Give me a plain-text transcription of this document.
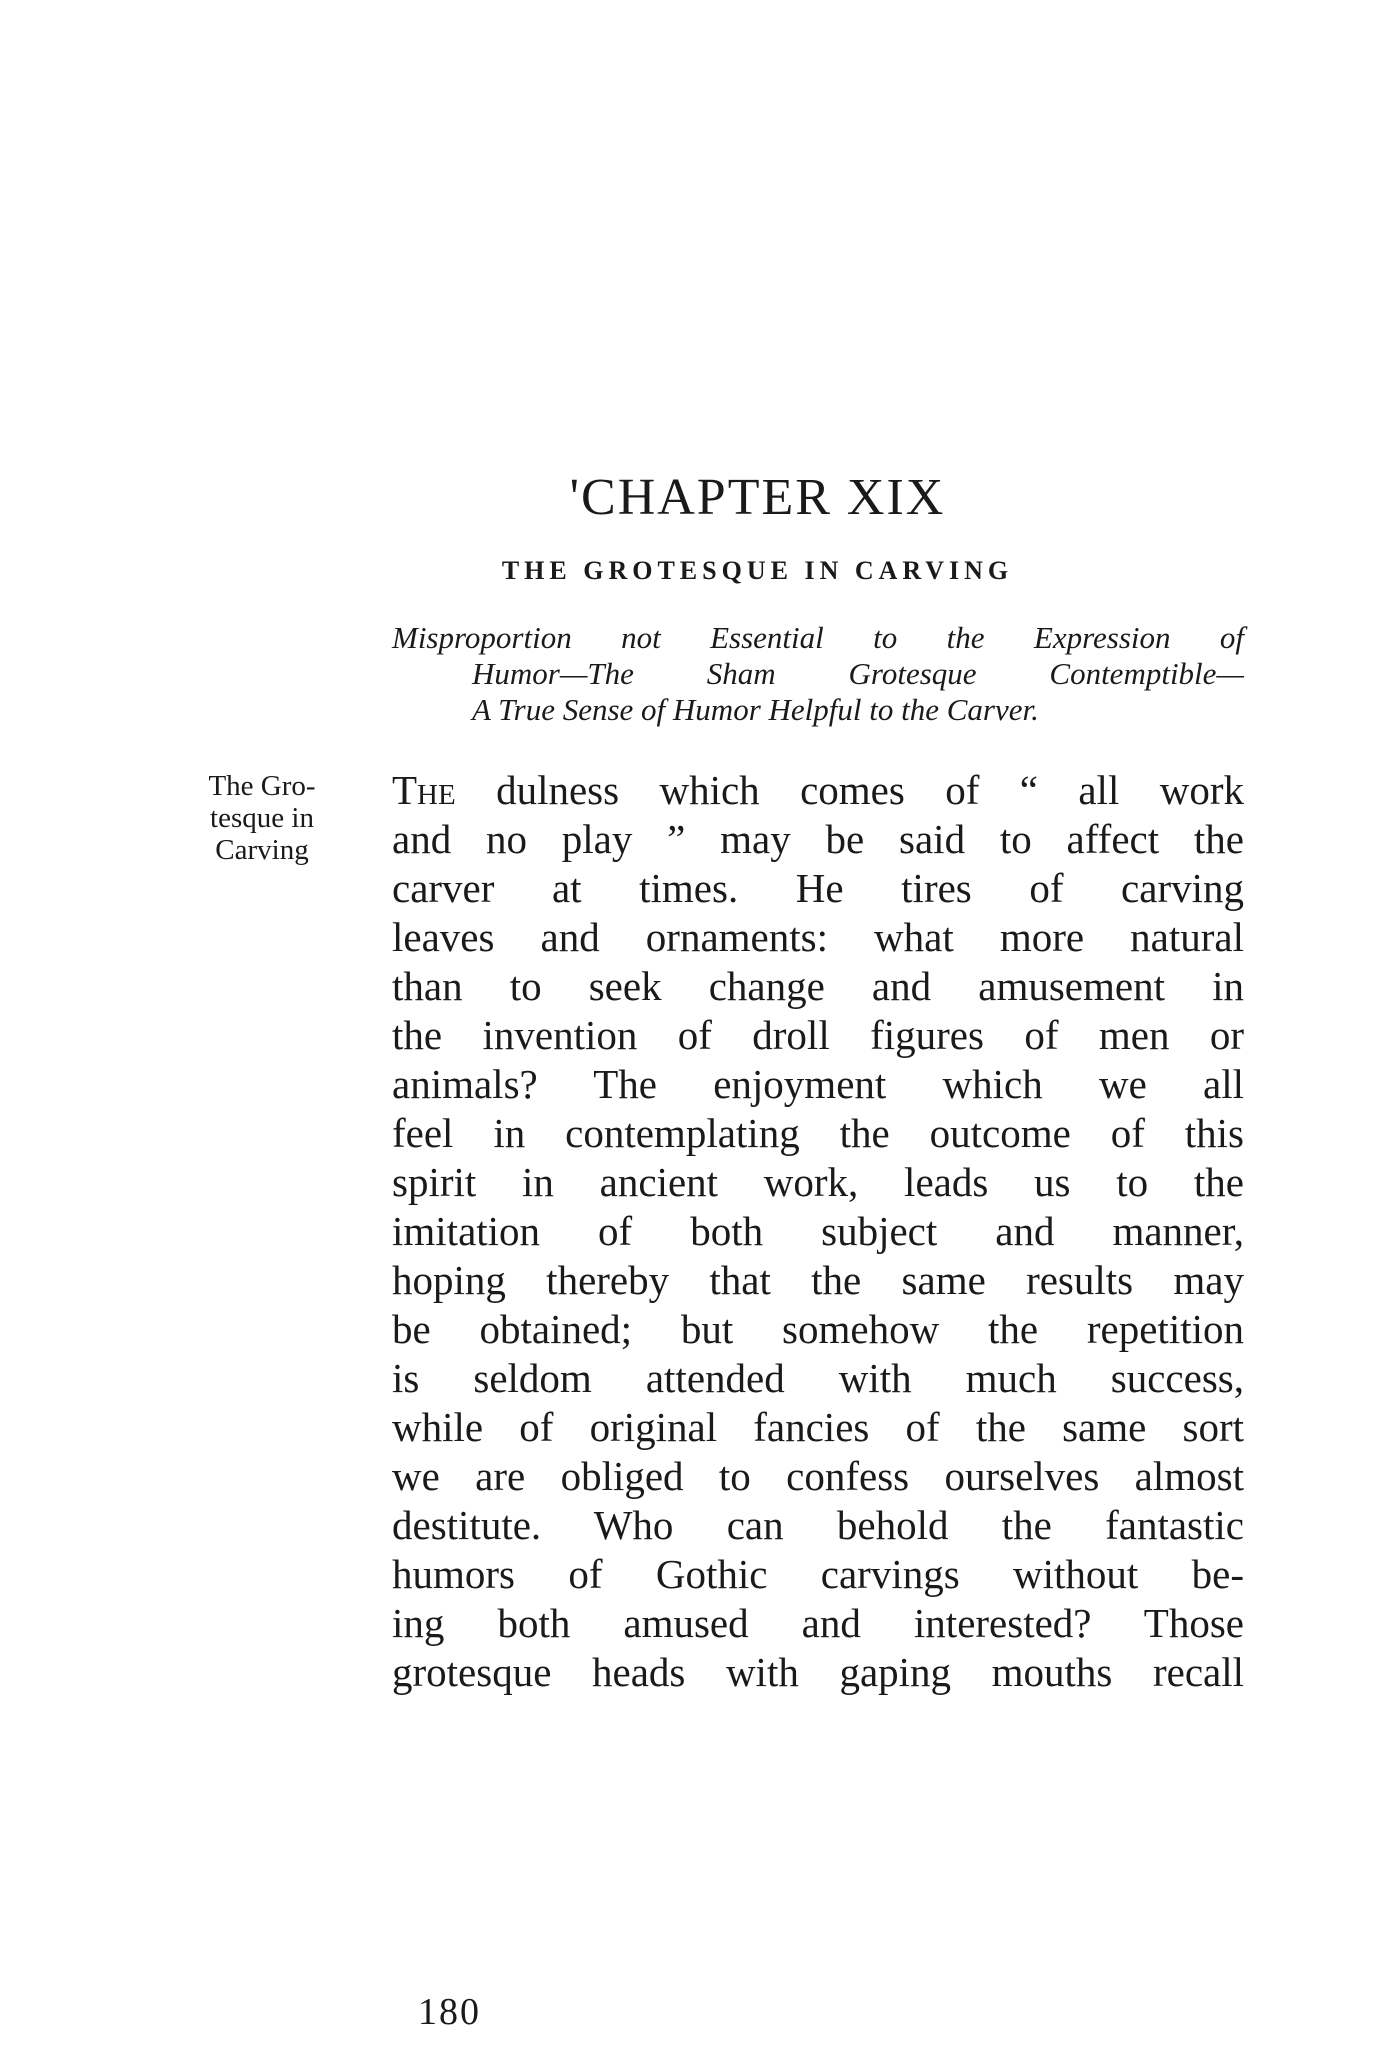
'CHAPTER XIX
THE GROTESQUE IN CARVING
Misproportion not Essential to the Expression of
Humor—The Sham Grotesque Contemptible—
A True Sense of Humor Helpful to the Carver.
The Gro-
tesque in
Carving
The dulness which comes of “ all work
and no play ” may be said to affect the
carver at times. He tires of carving
leaves and ornaments: what more natural
than to seek change and amusement in
the invention of droll figures of men or
animals? The enjoyment which we all
feel in contemplating the outcome of this
spirit in ancient work, leads us to the
imitation of both subject and manner,
hoping thereby that the same results may
be obtained; but somehow the repetition
is seldom attended with much success,
while of original fancies of the same sort
we are obliged to confess ourselves almost
destitute. Who can behold the fantastic
humors of Gothic carvings without be-
ing both amused and interested? Those
grotesque heads with gaping mouths recall
180
